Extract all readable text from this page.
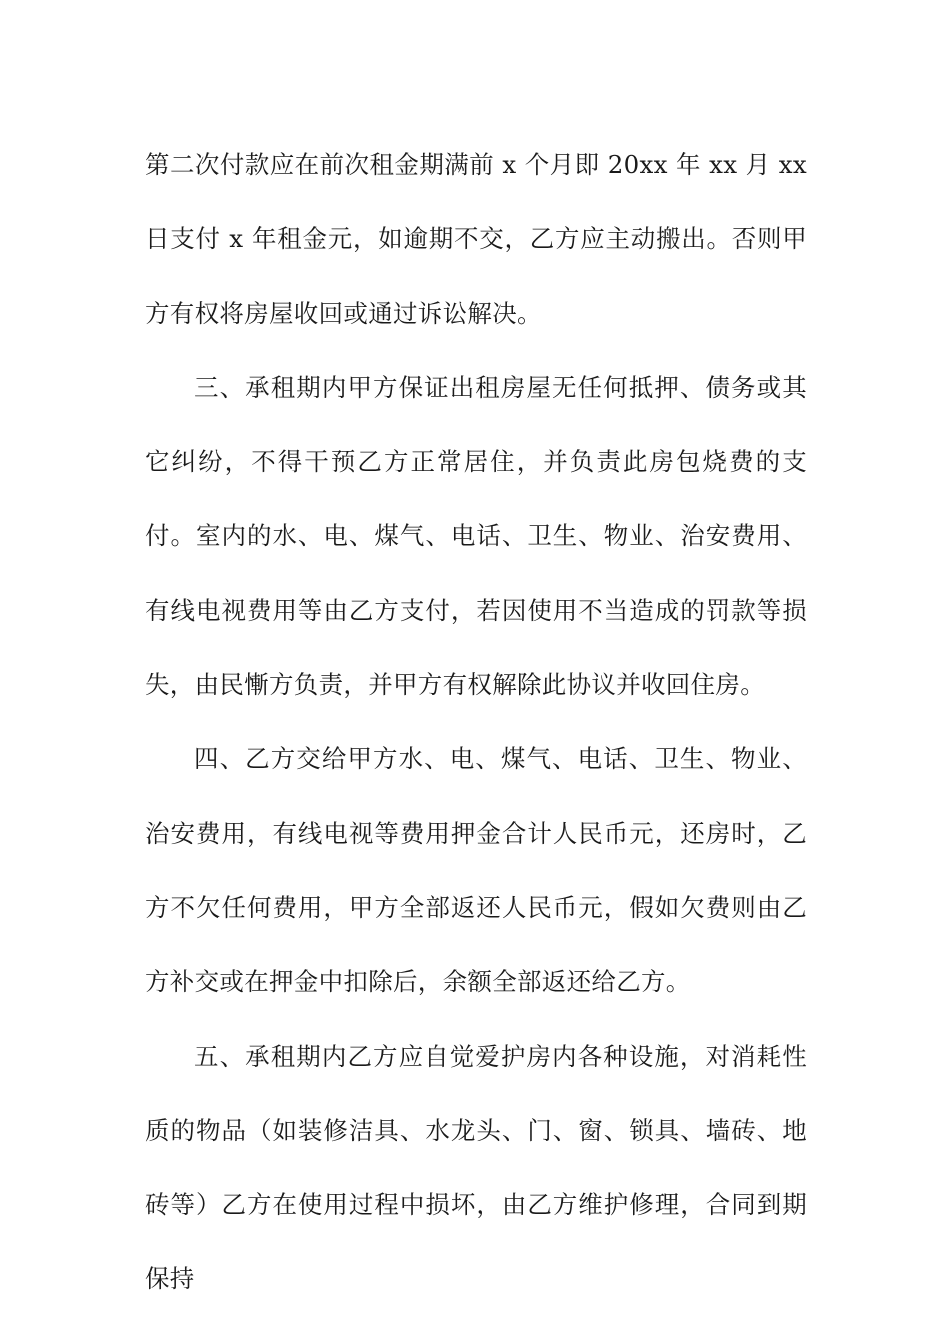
第二次付款应在前次租金期满前 x 个月即 20xx 年 xx 月 xx 日支付 x 年租金元，如逾期不交，乙方应主动搬出。否则甲方有权将房屋收回或通过诉讼解决。

三、承租期内甲方保证出租房屋无任何抵押、债务或其它纠纷，不得干预乙方正常居住，并负责此房包烧费的支付。室内的水、电、煤气、电话、卫生、物业、治安费用、有线电视费用等由乙方支付，若因使用不当造成的罚款等损失，由民慚方负责，并甲方有权解除此协议并收回住房。

四、乙方交给甲方水、电、煤气、电话、卫生、物业、治安费用，有线电视等费用押金合计人民币元，还房时，乙方不欠任何费用，甲方全部返还人民币元，假如欠费则由乙方补交或在押金中扣除后，余额全部返还给乙方。

五、承租期内乙方应自觉爱护房内各种设施，对消耗性质的物品（如装修洁具、水龙头、门、窗、锁具、墙砖、地砖等）乙方在使用过程中损坏，由乙方维护修理，合同到期保持
